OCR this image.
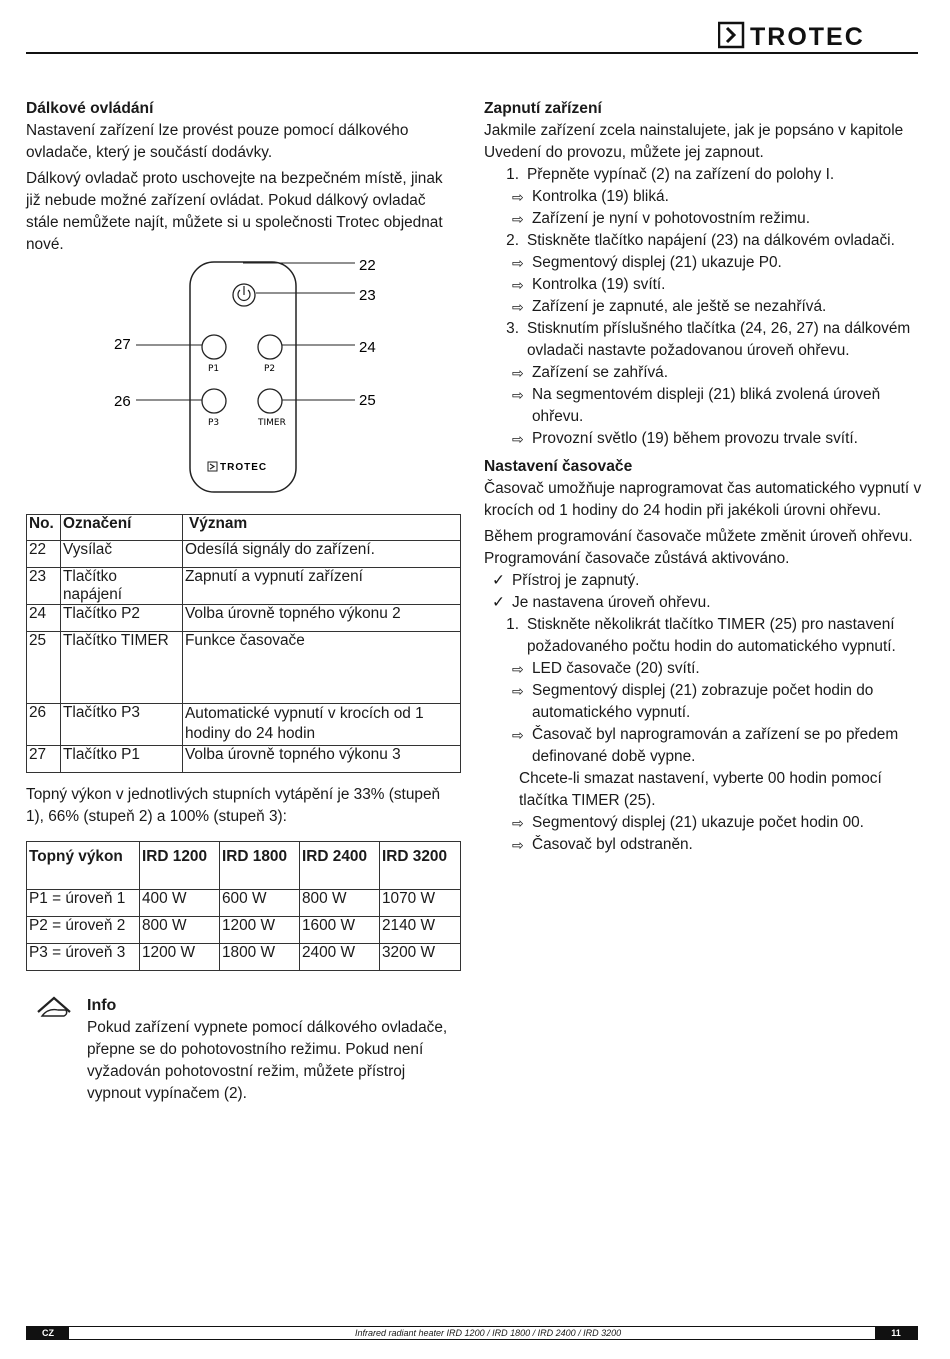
TROTEC
Dálkové ovládání

Nastavení zařízení lze provést pouze pomocí dálkového ovladače, který je součástí dodávky.

Dálkový ovladač proto uschovejte na bezpečném místě, jinak již nebude možné zařízení ovládat. Pokud dálkový ovladač stále nemůžete najít, můžete si u společnosti Trotec objednat nové.

P1	P2
P3	TIMER
TROTEC
22
23
27	24
26	25
No.	Označení	Význam
22	Vysílač	Odesílá signály do zařízení.
23	Tlačítko napájení	Zapnutí a vypnutí zařízení
24	Tlačítko P2	Volba úrovně topného výkonu 2
25	Tlačítko TIMER	Funkce časovače
26	Tlačítko P3	Automatické vypnutí v krocích od 1 hodiny do 24 hodin
27	Tlačítko P1	Volba úrovně topného výkonu 3

Topný výkon v jednotlivých stupních vytápění je 33% (stupeň 1), 66% (stupeň 2) a 100% (stupeň 3):

Topný výkon	IRD 1200	IRD 1800	IRD 2400	IRD 3200
P1 = úroveň 1	400 W	600 W	800 W	1070 W
P2 = úroveň 2	800 W	1200 W	1600 W	2140 W
P3 = úroveň 3	1200 W	1800 W	2400 W	3200 W
Info

Pokud zařízení vypnete pomocí dálkového ovladače, přepne se do pohotovostního režimu. Pokud není vyžadován pohotovostní režim, můžete přístroj vypnout vypínačem (2).

Zapnutí zařízení

Jakmile zařízení zcela nainstalujete, jak je popsáno v kapitole Uvedení do provozu, můžete jej zapnout.

1. Přepněte vypínač (2) na zařízení do polohy I.
⇨ Kontrolka (19) bliká.
⇨ Zařízení je nyní v pohotovostním režimu.
2. Stiskněte tlačítko napájení (23) na dálkovém ovladači.
⇨ Segmentový displej (21) ukazuje P0.
⇨ Kontrolka (19) svítí.
⇨ Zařízení je zapnuté, ale ještě se nezahřívá.
3. Stisknutím příslušného tlačítka (24, 26, 27) na dálkovém ovladači nastavte požadovanou úroveň ohřevu.
⇨ Zařízení se zahřívá.
⇨ Na segmentovém displeji (21) bliká zvolená úroveň ohřevu.
⇨ Provozní světlo (19) během provozu trvale svítí.
Nastavení časovače

Časovač umožňuje naprogramovat čas automatického vypnutí v krocích od 1 hodiny do 24 hodin při jakékoli úrovni ohřevu.

Během programování časovače můžete změnit úroveň ohřevu. Programování časovače zůstává aktivováno.

✓ Přístroj je zapnutý.
✓ Je nastavena úroveň ohřevu.
1. Stiskněte několikrát tlačítko TIMER (25) pro nastavení požadovaného počtu hodin do automatického vypnutí.
⇨ LED časovače (20) svítí.
⇨ Segmentový displej (21) zobrazuje počet hodin do automatického vypnutí.
⇨ Časovač byl naprogramován a zařízení se po předem definované době vypne.
Chcete-li smazat nastavení, vyberte 00 hodin pomocí tlačítka TIMER (25).
⇨ Segmentový displej (21) ukazuje počet hodin 00.
⇨ Časovač byl odstraněn.
CZ	Infrared radiant heater IRD 1200 / IRD 1800 / IRD 2400 / IRD 3200	11
